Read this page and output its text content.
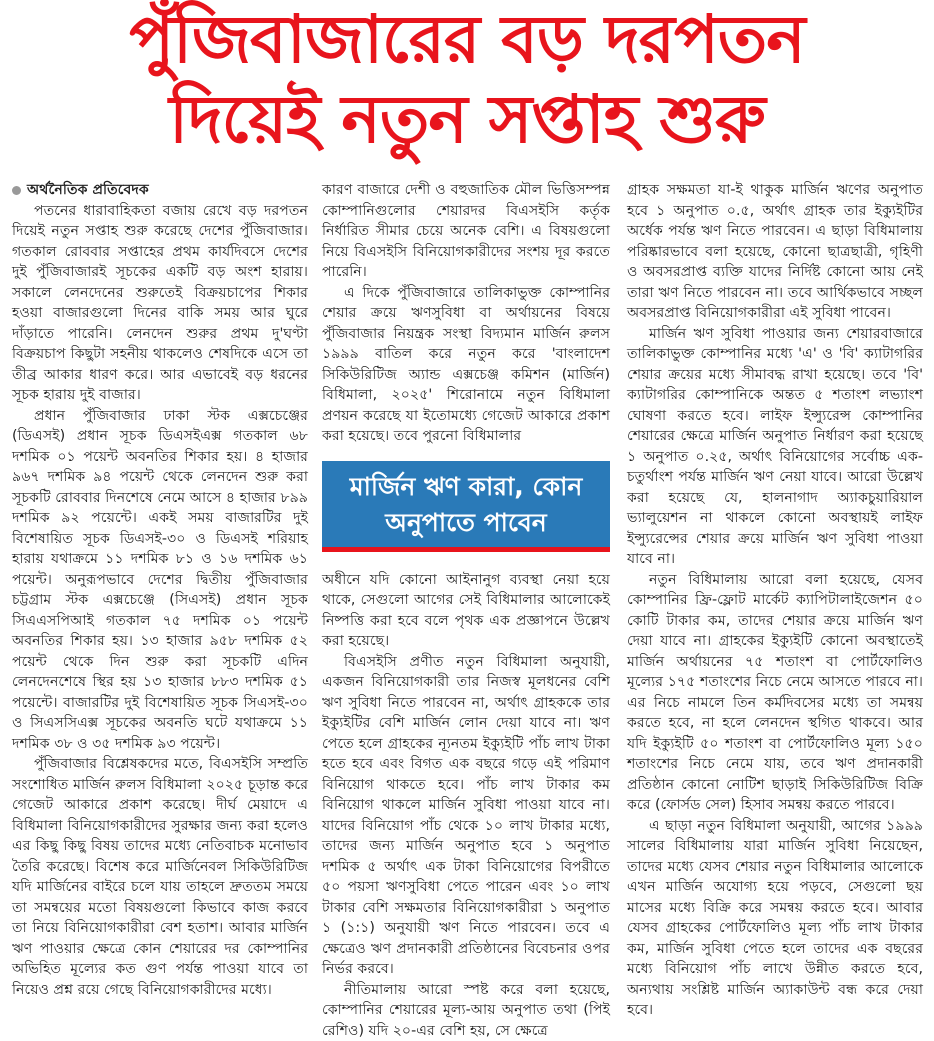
পুঁজিবাজারের বড় দরপতন
দিয়েই নতুন সপ্তাহ শুরু
অর্থনৈতিক প্রতিবেদক

পতনের ধারাবাহিকতা বজায় রেখে বড় দরপতন দিয়েই নতুন সপ্তাহ শুরু করেছে দেশের পুঁজিবাজার। গতকাল রোববার সপ্তাহের প্রথম কার্যদিবসে দেশের দুই পুঁজিবাজারই সূচকের একটি বড় অংশ হারায়। সকালে লেনদেনের শুরুতেই বিক্রয়চাপের শিকার হওয়া বাজারগুলো দিনের বাকি সময় আর ঘুরে দাঁড়াতে পারেনি। লেনদেন শুরুর প্রথম দু'ঘণ্টা বিক্রয়চাপ কিছুটা সহনীয় থাকলেও শেষদিকে এসে তা তীব্র আকার ধারণ করে। আর এভাবেই বড় ধরনের সূচক হারায় দুই বাজার।

প্রধান পুঁজিবাজার ঢাকা স্টক এক্সচেঞ্জের (ডিএসই) প্রধান সূচক ডিএসইএক্স গতকাল ৬৮ দশমিক ০১ পয়েন্ট অবনতির শিকার হয়। ৪ হাজার ৯৬৭ দশমিক ৯৪ পয়েন্ট থেকে লেনদেন শুরু করা সূচকটি রোববার দিনশেষে নেমে আসে ৪ হাজার ৮৯৯ দশমিক ৯২ পয়েন্টে। একই সময় বাজারটির দুই বিশেষায়িত সূচক ডিএসই-৩০ ও ডিএসই শরিয়াহ হারায় যথাক্রমে ১১ দশমিক ৮১ ও ১৬ দশমিক ৬১ পয়েন্ট। অনুরূপভাবে দেশের দ্বিতীয় পুঁজিবাজার চট্টগ্রাম স্টক এক্সচেঞ্জে (সিএসই) প্রধান সূচক সিএএসপিআই গতকাল ৭৫ দশমিক ০১ পয়েন্ট অবনতির শিকার হয়। ১৩ হাজার ৯৫৮ দশমিক ৫২ পয়েন্ট থেকে দিন শুরু করা সূচকটি এদিন লেনদেনশেষে স্থির হয় ১৩ হাজার ৮৮৩ দশমিক ৫১ পয়েন্টে। বাজারটির দুই বিশেষায়িত সূচক সিএসই-৩০ ও সিএসসিএক্স সূচকের অবনতি ঘটে যথাক্রমে ১১ দশমিক ৩৮ ও ৩৫ দশমিক ৯৩ পয়েন্ট।

পুঁজিবাজার বিশ্লেষকদের মতে, বিএসইসি সম্প্রতি সংশোধিত মার্জিন রুলস বিধিমালা ২০২৫ চূড়ান্ত করে গেজেট আকারে প্রকাশ করেছে। দীর্ঘ মেয়াদে এ বিধিমালা বিনিয়োগকারীদের সুরক্ষার জন্য করা হলেও এর কিছু কিছু বিষয় তাদের মধ্যে নেতিবাচক মনোভাব তৈরি করেছে। বিশেষ করে মার্জিনেবল সিকিউরিটিজ যদি মার্জিনের বাইরে চলে যায় তাহলে দ্রুততম সময়ে তা সমন্বয়ের মতো বিষয়গুলো কিভাবে কাজ করবে তা নিয়ে বিনিয়োগকারীরা বেশ হতাশ। আবার মার্জিন ঋণ পাওয়ার ক্ষেত্রে কোন শেয়ারের দর কোম্পানির অভিহিত মূল্যের কত গুণ পর্যন্ত পাওয়া যাবে তা নিয়েও প্রশ্ন রয়ে গেছে বিনিয়োগকারীদের মধ্যে।

কারণ বাজারে দেশী ও বহুজাতিক মৌল ভিত্তিসম্পন্ন কোম্পানিগুলোর শেয়ারদর বিএসইসি কর্তৃক নির্ধারিত সীমার চেয়ে অনেক বেশি। এ বিষয়গুলো নিয়ে বিএসইসি বিনিয়োগকারীদের সংশয় দূর করতে পারেনি।

এ দিকে পুঁজিবাজারে তালিকাভুক্ত কোম্পানির শেয়ার ক্রয়ে ঋণসুবিধা বা অর্থায়নের বিষয়ে পুঁজিবাজার নিয়ন্ত্রক সংস্থা বিদ্যমান মার্জিন রুলস ১৯৯৯ বাতিল করে নতুন করে 'বাংলাদেশ সিকিউরিটিজ অ্যান্ড এক্সচেঞ্জ কমিশন (মার্জিন) বিধিমালা, ২০২৫' শিরোনামে নতুন বিধিমালা প্রণয়ন করেছে যা ইতোমধ্যে গেজেট আকারে প্রকাশ করা হয়েছে। তবে পুরনো বিধিমালার

মার্জিন ঋণ কারা, কোন
অনুপাতে পাবেন

অধীনে যদি কোনো আইনানুগ ব্যবস্থা নেয়া হয়ে থাকে, সেগুলো আগের সেই বিধিমালার আলোকেই নিষ্পত্তি করা হবে বলে পৃথক এক প্রজ্ঞাপনে উল্লেখ করা হয়েছে।

বিএসইসি প্রণীত নতুন বিধিমালা অনুযায়ী, একজন বিনিয়োগকারী তার নিজস্ব মূলধনের বেশি ঋণ সুবিধা নিতে পারবেন না, অর্থাৎ গ্রাহককে তার ইক্যুইটির বেশি মার্জিন লোন দেয়া যাবে না। ঋণ পেতে হলে গ্রাহকের ন্যূনতম ইক্যুইটি পাঁচ লাখ টাকা হতে হবে এবং বিগত এক বছরে গড়ে এই পরিমাণ বিনিয়োগ থাকতে হবে। পাঁচ লাখ টাকার কম বিনিয়োগ থাকলে মার্জিন সুবিধা পাওয়া যাবে না। যাদের বিনিয়োগ পাঁচ থেকে ১০ লাখ টাকার মধ্যে, তাদের জন্য মার্জিন অনুপাত হবে ১ অনুপাত দশমিক ৫ অর্থাৎ এক টাকা বিনিয়োগের বিপরীতে ৫০ পয়সা ঋণসুবিধা পেতে পারেন এবং ১০ লাখ টাকার বেশি সক্ষমতার বিনিয়োগকারীরা ১ অনুপাত ১ (১:১) অনুযায়ী ঋণ নিতে পারবেন। তবে এ ক্ষেত্রেও ঋণ প্রদানকারী প্রতিষ্ঠানের বিবেচনার ওপর নির্ভর করবে।

নীতিমালায় আরো স্পষ্ট করে বলা হয়েছে, কোম্পানির শেয়ারের মূল্য-আয় অনুপাত তথা (পিই রেশিও) যদি ২০-এর বেশি হয়, সে ক্ষেত্রে

গ্রাহক সক্ষমতা যা-ই থাকুক মার্জিন ঋণের অনুপাত হবে ১ অনুপাত ০.৫, অর্থাৎ গ্রাহক তার ইক্যুইটির অর্ধেক পর্যন্ত ঋণ নিতে পারবেন। এ ছাড়া বিধিমালায় পরিষ্কারভাবে বলা হয়েছে, কোনো ছাত্রছাত্রী, গৃহিণী ও অবসরপ্রাপ্ত ব্যক্তি যাদের নির্দিষ্ট কোনো আয় নেই তারা ঋণ নিতে পারবেন না। তবে আর্থিকভাবে সচ্ছল অবসরপ্রাপ্ত বিনিয়োগকারীরা এই সুবিধা পাবেন।

মার্জিন ঋণ সুবিধা পাওয়ার জন্য শেয়ারবাজারে তালিকাভুক্ত কোম্পানির মধ্যে 'এ' ও 'বি' ক্যাটাগরির শেয়ার ক্রয়ের মধ্যে সীমাবদ্ধ রাখা হয়েছে। তবে 'বি' ক্যাটাগরির কোম্পানিকে অন্তত ৫ শতাংশ লভ্যাংশ ঘোষণা করতে হবে। লাইফ ইন্স্যুরেন্স কোম্পানির শেয়ারের ক্ষেত্রে মার্জিন অনুপাত নির্ধারণ করা হয়েছে ১ অনুপাত ০.২৫, অর্থাৎ বিনিয়োগের সর্বোচ্চ এক-চতুর্থাংশ পর্যন্ত মার্জিন ঋণ নেয়া যাবে। আরো উল্লেখ করা হয়েছে যে, হালনাগাদ অ্যাকচুয়ারিয়াল ভ্যালুয়েশন না থাকলে কোনো অবস্থায়ই লাইফ ইন্স্যুরেন্সের শেয়ার ক্রয়ে মার্জিন ঋণ সুবিধা পাওয়া যাবে না।

নতুন বিধিমালায় আরো বলা হয়েছে, যেসব কোম্পানির ফ্রি-ফ্লোট মার্কেট ক্যাপিটালাইজেশন ৫০ কোটি টাকার কম, তাদের শেয়ার ক্রয়ে মার্জিন ঋণ দেয়া যাবে না। গ্রাহকের ইক্যুইটি কোনো অবস্থাতেই মার্জিন অর্থায়নের ৭৫ শতাংশ বা পোর্টফোলিও মূল্যের ১৭৫ শতাংশের নিচে নেমে আসতে পারবে না। এর নিচে নামলে তিন কর্মদিবসের মধ্যে তা সমন্বয় করতে হবে, না হলে লেনদেন স্থগিত থাকবে। আর যদি ইক্যুইটি ৫০ শতাংশ বা পোর্টফোলিও মূল্য ১৫০ শতাংশের নিচে নেমে যায়, তবে ঋণ প্রদানকারী প্রতিষ্ঠান কোনো নোটিশ ছাড়াই সিকিউরিটিজ বিক্রি করে (ফোর্সড সেল) হিসাব সমন্বয় করতে পারবে।

এ ছাড়া নতুন বিধিমালা অনুযায়ী, আগের ১৯৯৯ সালের বিধিমালায় যারা মার্জিন সুবিধা নিয়েছেন, তাদের মধ্যে যেসব শেয়ার নতুন বিধিমালার আলোকে এখন মার্জিন অযোগ্য হয়ে পড়বে, সেগুলো ছয় মাসের মধ্যে বিক্রি করে সমন্বয় করতে হবে। আবার যেসব গ্রাহকের পোর্টফোলিও মূল্য পাঁচ লাখ টাকার কম, মার্জিন সুবিধা পেতে হলে তাদের এক বছরের মধ্যে বিনিয়োগ পাঁচ লাখে উন্নীত করতে হবে, অন্যথায় সংশ্লিষ্ট মার্জিন অ্যাকাউন্ট বন্ধ করে দেয়া হবে।
